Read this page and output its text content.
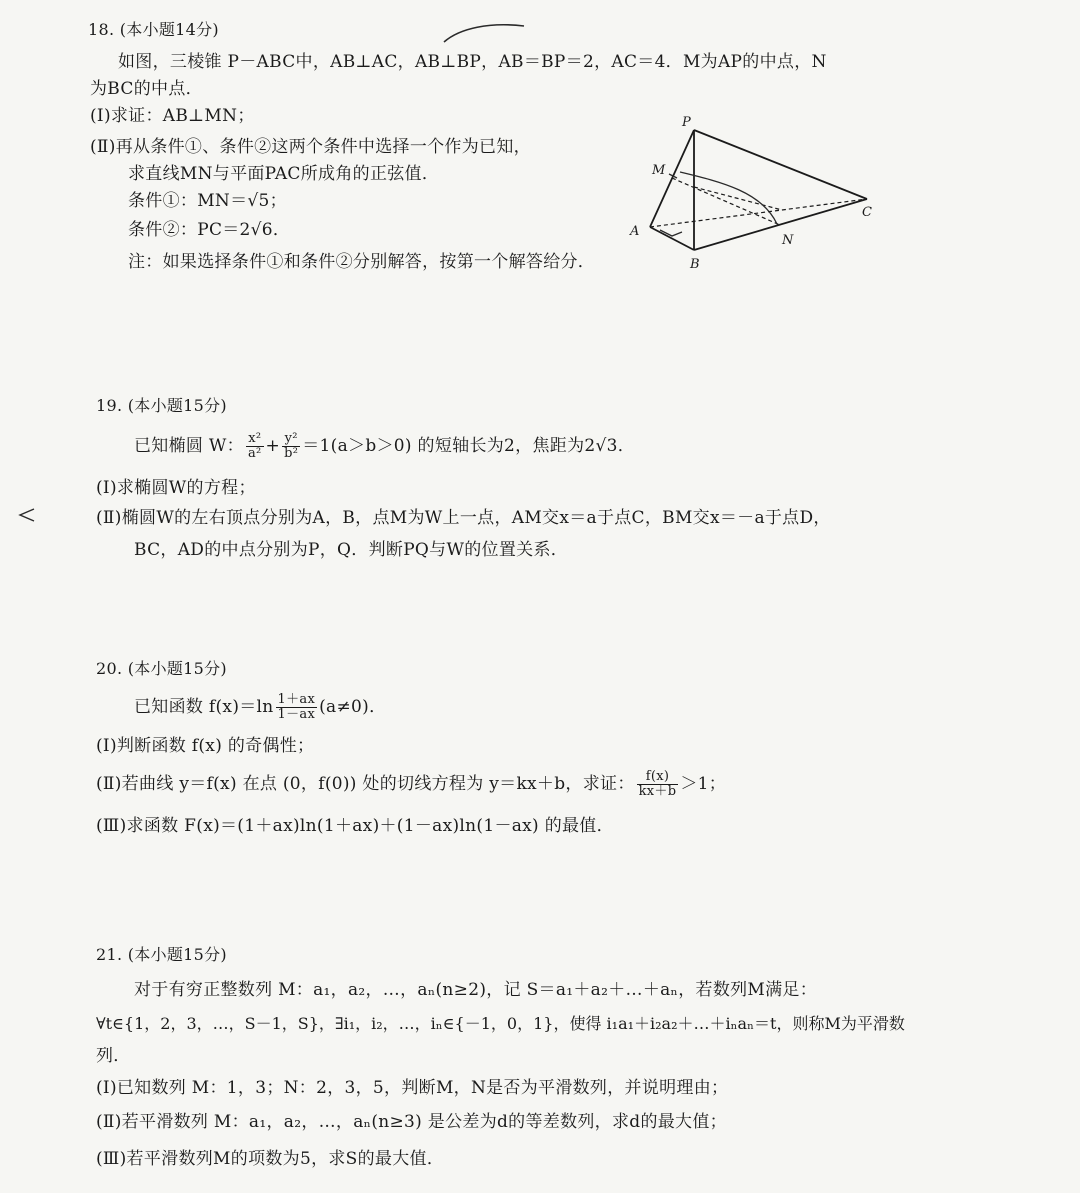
18. (本小题14分)
如图，三棱锥 P－ABC中，AB⊥AC，AB⊥BP，AB＝BP＝2，AC＝4．M为AP的中点，N
为BC的中点．
(Ⅰ)求证：AB⊥MN；
(Ⅱ)再从条件①、条件②这两个条件中选择一个作为已知，
求直线MN与平面PAC所成角的正弦值．
条件①：MN＝√5；
条件②：PC＝2√6．
注：如果选择条件①和条件②分别解答，按第一个解答给分．
P
M
A
B
C
N
19. (本小题15分)
已知椭圆 W： $\frac{\text{x²}}{\text{a²}} + \frac{\text{y²}}{\text{b²}} =1(a>b>0)$ 的短轴长为2，焦距为2√3．
(Ⅰ)求椭圆W的方程；
(Ⅱ)椭圆W的左右顶点分别为A，B，点M为W上一点，AM交x＝a于点C，BM交x＝－a于点D，
BC，AD的中点分别为P，Q．判断PQ与W的位置关系．
20. (本小题15分)
已知函数 $f(x)=\ln \frac{1+ax}{1-ax} (a\ne 0)$．
(Ⅰ)判断函数 f(x) 的奇偶性；
(Ⅱ)若曲线 y＝f(x) 在点 (0，f(0)) 处的切线方程为 y＝kx＋b，求证： $\frac{f(x)}{kx+b} >1$；
(Ⅲ)求函数 F(x)＝(1＋ax)ln(1＋ax)＋(1－ax)ln(1－ax) 的最值．
21. (本小题15分)
对于有穷正整数列 M：a₁，a₂，…，aₙ(n≥2)，记 S＝a₁＋a₂＋…＋aₙ，若数列M满足：
∀t∈{1，2，3，…，S－1，S}，∃i₁，i₂，…，iₙ∈{－1，0，1}，使得 i₁a₁＋i₂a₂＋…＋iₙaₙ＝t，则称M为平滑数
列．
(Ⅰ)已知数列 M：1，3；N：2，3，5，判断M，N是否为平滑数列，并说明理由；
(Ⅱ)若平滑数列 M：a₁，a₂，…，aₙ(n≥3) 是公差为d的等差数列，求d的最大值；
(Ⅲ)若平滑数列M的项数为5，求S的最大值．
